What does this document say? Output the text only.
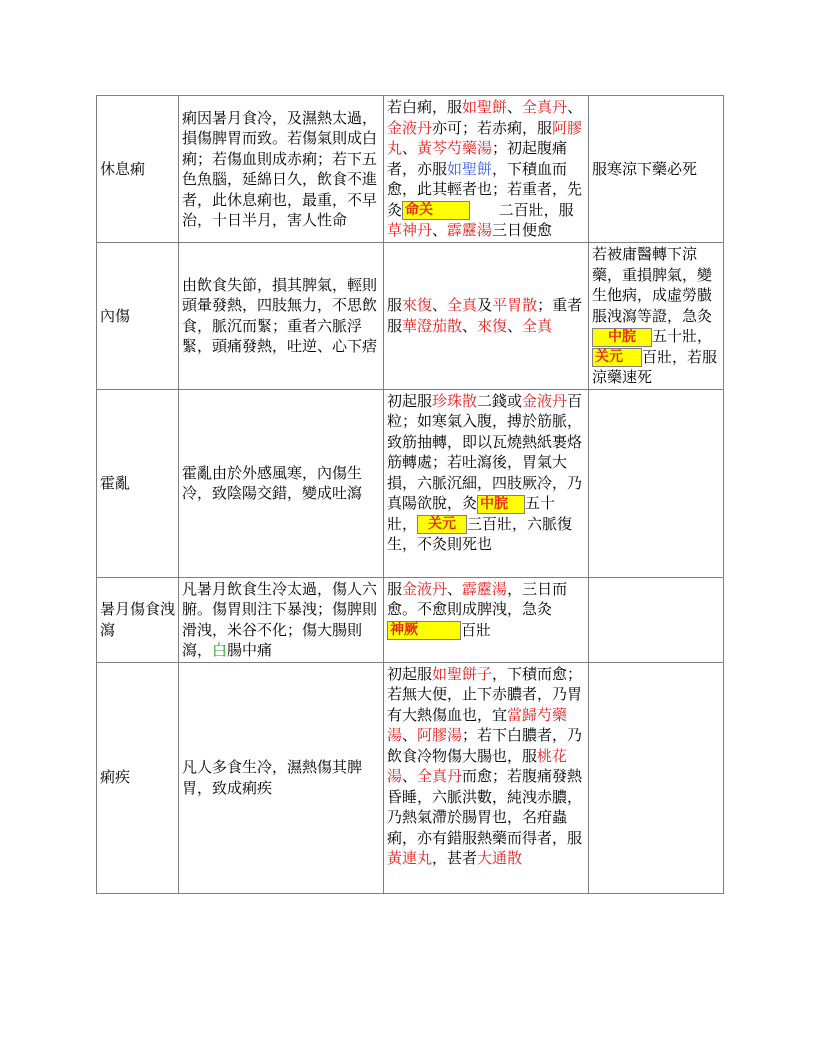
休息痢	痢因暑月食冷，及濕熱太過，損傷脾胃而致。若傷氣則成白痢；若傷血則成赤痢；若下五色魚腦，延綿日久，飲食不進者，此休息痢也，最重，不早治，十日半月，害人性命	若白痢，服如聖餅、全真丹、金液丹亦可；若赤痢，服阿膠丸、黃芩芍藥湯；初起腹痛者，亦服如聖餅，下積血而愈，此其輕者也；若重者，先灸 命关 二百壯，服草神丹、霹靂湯三日便愈	服寒涼下藥必死
內傷	由飲食失節，損其脾氣，輕則頭暈發熱，四肢無力，不思飲食，脈沉而緊；重者六脈浮緊，頭痛發熱，吐逆、心下痞	服來復、全真及平胃散；重者服華澄茄散、來復、全真	若被庸醫轉下涼藥，重損脾氣，變生他病，成虛勞臌脹洩瀉等證，急灸中脘 五十壯，关元 百壯，若服涼藥速死
霍亂	霍亂由於外感風寒，內傷生冷，致陰陽交錯，變成吐瀉	初起服珍珠散二錢或金液丹百粒；如寒氣入腹，搏於筋脈，致筋抽轉，即以瓦燒熱紙裹烙筋轉處；若吐瀉後，胃氣大損，六脈沉細，四肢厥冷，乃真陽欲脫，灸 中脘 五十壯， 关元 三百壯，六脈復生，不灸則死也	
暑月傷食洩瀉	凡暑月飲食生冷太過，傷人六腑。傷胃則注下暴洩；傷脾則滑洩，米谷不化；傷大腸則瀉，白腸中痛	服金液丹、霹靂湯，三日而愈。不愈則成脾洩，急灸神厥 百壯	
痢疾	凡人多食生冷，濕熱傷其脾胃，致成痢疾	初起服如聖餅子，下積而愈；若無大便，止下赤膿者，乃胃有大熱傷血也，宜當歸芍藥湯、阿膠湯；若下白膿者，乃飲食冷物傷大腸也，服桃花湯、全真丹而愈；若腹痛發熱昏睡，六脈洪數，純洩赤膿，乃熱氣滯於腸胃也，名疳蟲痢，亦有錯服熱藥而得者，服黃連丸，甚者大通散	
